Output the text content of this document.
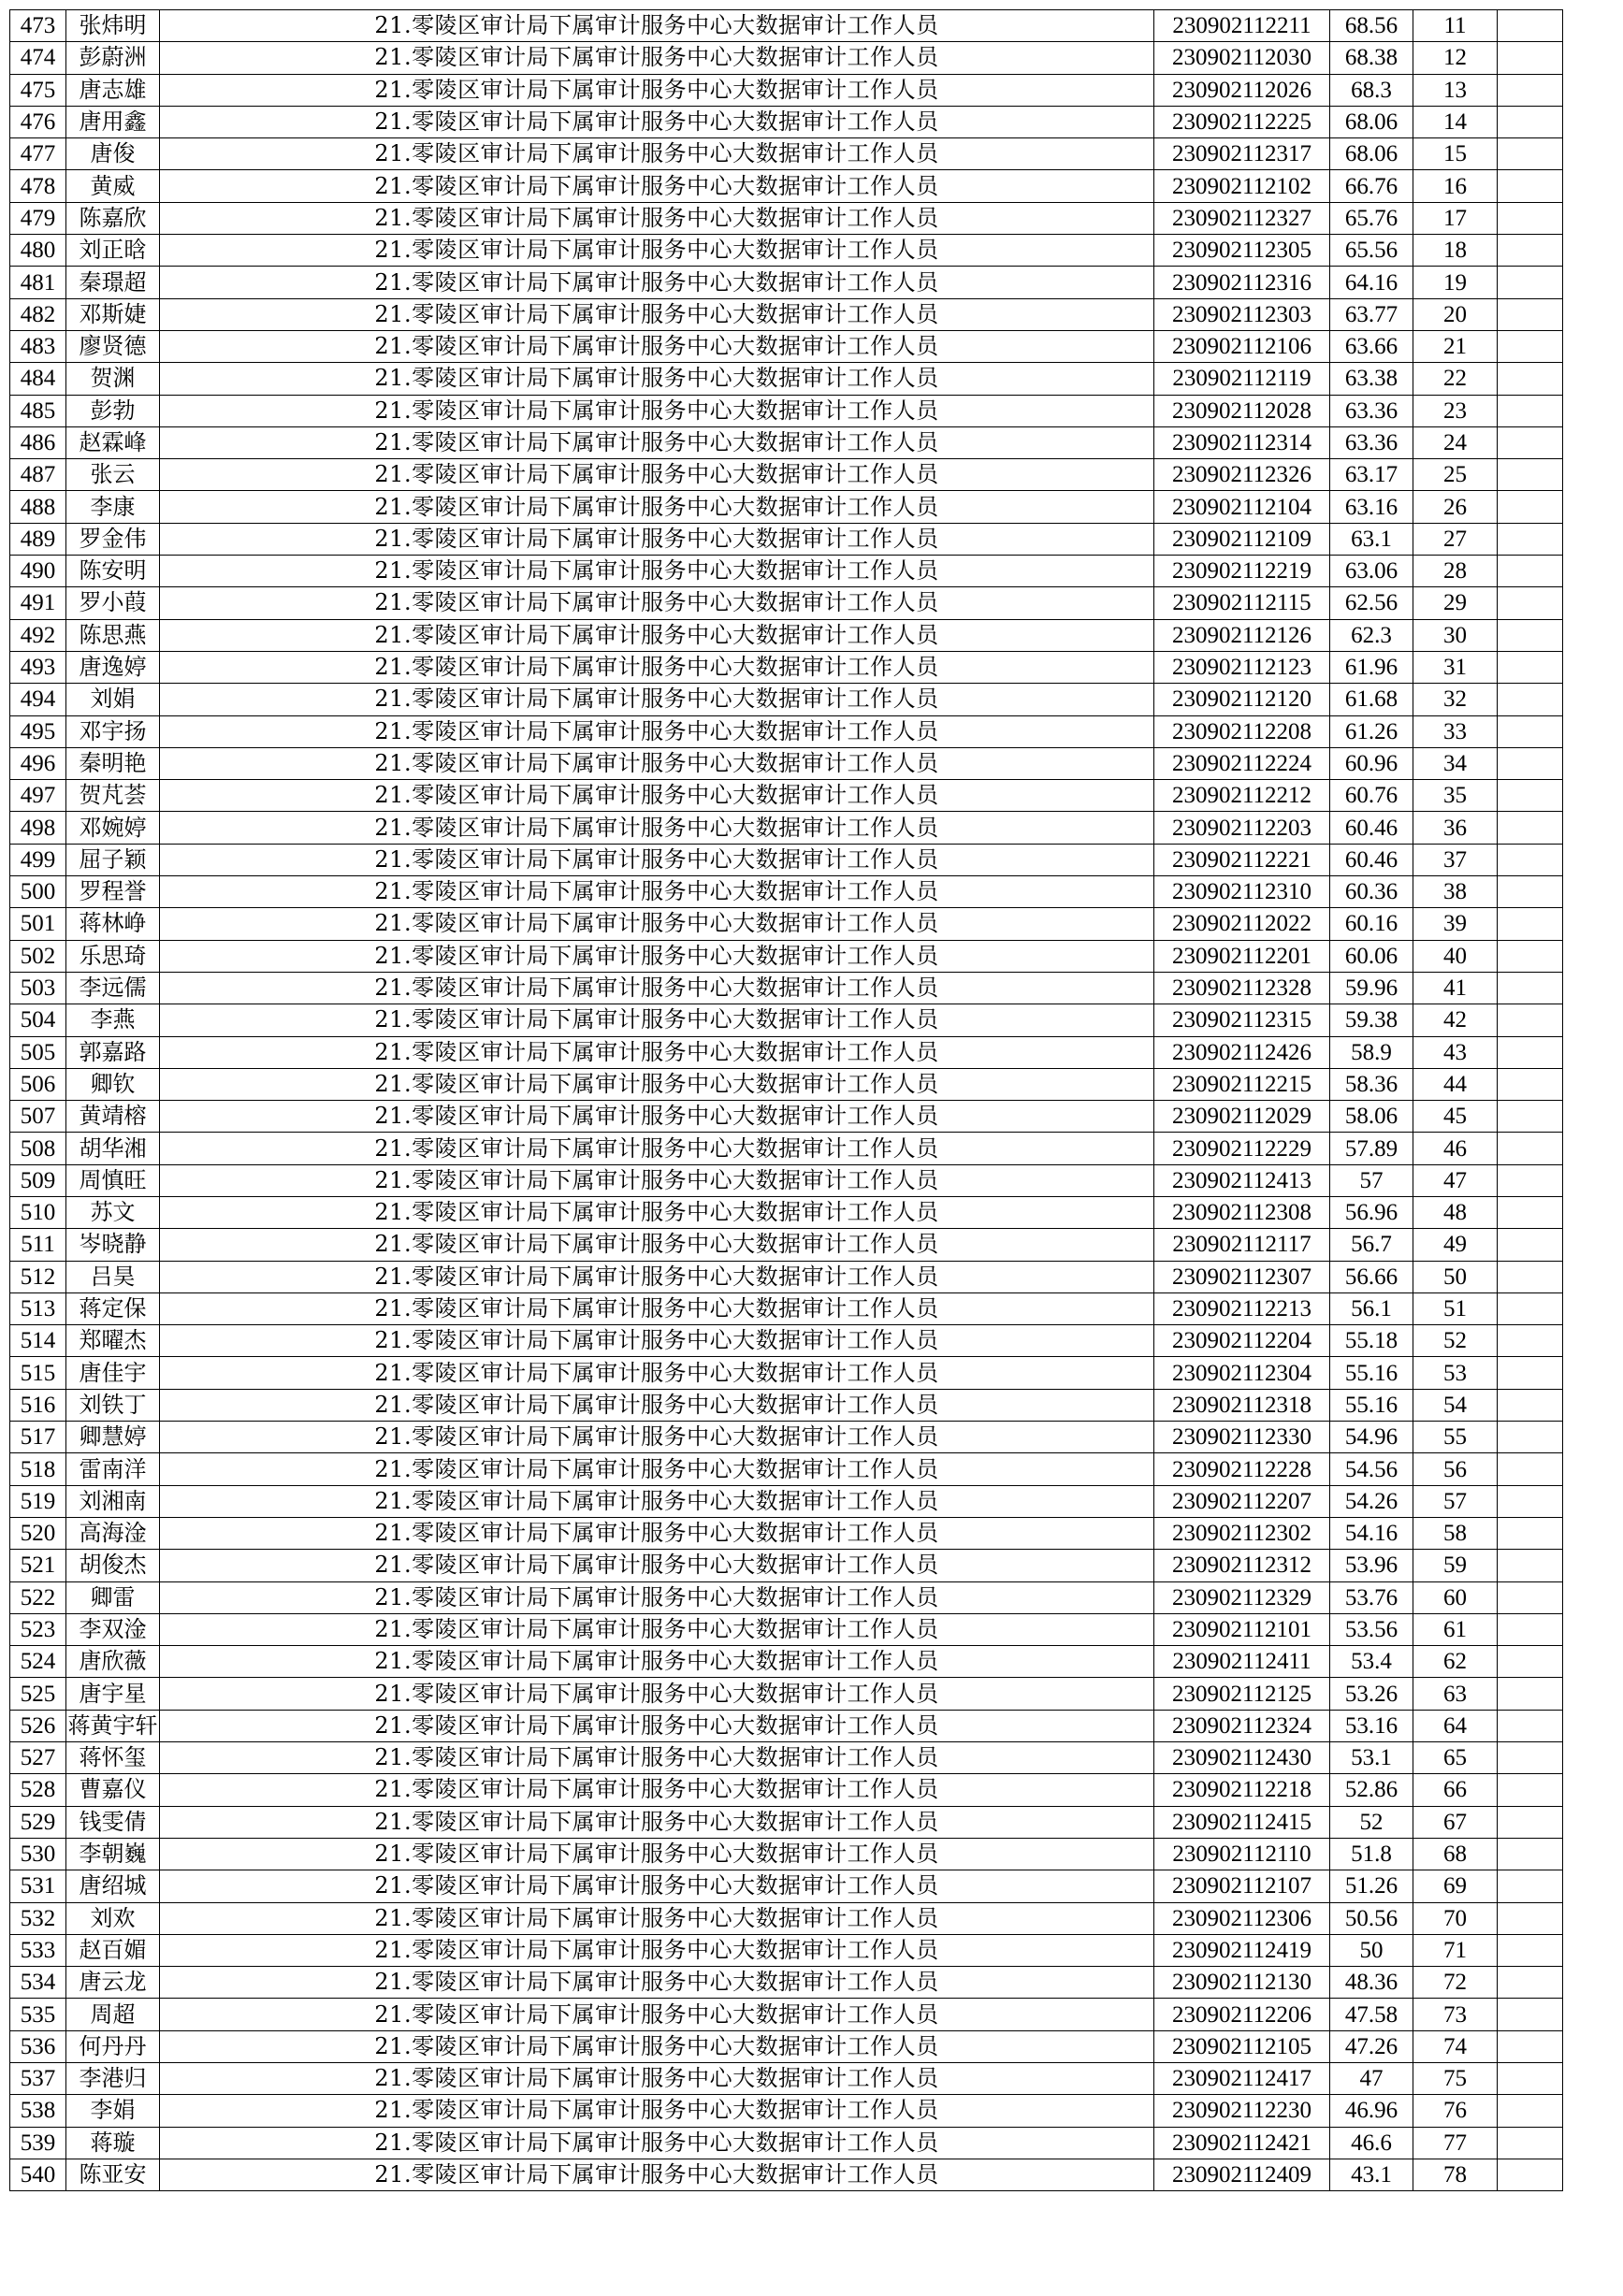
473	张炜明	21.零陵区审计局下属审计服务中心大数据审计工作人员	230902112211	68.56	11	
474	彭蔚洲	21.零陵区审计局下属审计服务中心大数据审计工作人员	230902112030	68.38	12	
475	唐志雄	21.零陵区审计局下属审计服务中心大数据审计工作人员	230902112026	68.3	13	
476	唐用鑫	21.零陵区审计局下属审计服务中心大数据审计工作人员	230902112225	68.06	14	
477	唐俊	21.零陵区审计局下属审计服务中心大数据审计工作人员	230902112317	68.06	15	
478	黄威	21.零陵区审计局下属审计服务中心大数据审计工作人员	230902112102	66.76	16	
479	陈嘉欣	21.零陵区审计局下属审计服务中心大数据审计工作人员	230902112327	65.76	17	
480	刘正晗	21.零陵区审计局下属审计服务中心大数据审计工作人员	230902112305	65.56	18	
481	秦璟超	21.零陵区审计局下属审计服务中心大数据审计工作人员	230902112316	64.16	19	
482	邓斯婕	21.零陵区审计局下属审计服务中心大数据审计工作人员	230902112303	63.77	20	
483	廖贤德	21.零陵区审计局下属审计服务中心大数据审计工作人员	230902112106	63.66	21	
484	贺渊	21.零陵区审计局下属审计服务中心大数据审计工作人员	230902112119	63.38	22	
485	彭勃	21.零陵区审计局下属审计服务中心大数据审计工作人员	230902112028	63.36	23	
486	赵霖峰	21.零陵区审计局下属审计服务中心大数据审计工作人员	230902112314	63.36	24	
487	张云	21.零陵区审计局下属审计服务中心大数据审计工作人员	230902112326	63.17	25	
488	李康	21.零陵区审计局下属审计服务中心大数据审计工作人员	230902112104	63.16	26	
489	罗金伟	21.零陵区审计局下属审计服务中心大数据审计工作人员	230902112109	63.1	27	
490	陈安明	21.零陵区审计局下属审计服务中心大数据审计工作人员	230902112219	63.06	28	
491	罗小葭	21.零陵区审计局下属审计服务中心大数据审计工作人员	230902112115	62.56	29	
492	陈思燕	21.零陵区审计局下属审计服务中心大数据审计工作人员	230902112126	62.3	30	
493	唐逸婷	21.零陵区审计局下属审计服务中心大数据审计工作人员	230902112123	61.96	31	
494	刘娟	21.零陵区审计局下属审计服务中心大数据审计工作人员	230902112120	61.68	32	
495	邓宇扬	21.零陵区审计局下属审计服务中心大数据审计工作人员	230902112208	61.26	33	
496	秦明艳	21.零陵区审计局下属审计服务中心大数据审计工作人员	230902112224	60.96	34	
497	贺芃荟	21.零陵区审计局下属审计服务中心大数据审计工作人员	230902112212	60.76	35	
498	邓婉婷	21.零陵区审计局下属审计服务中心大数据审计工作人员	230902112203	60.46	36	
499	屈子颖	21.零陵区审计局下属审计服务中心大数据审计工作人员	230902112221	60.46	37	
500	罗程誉	21.零陵区审计局下属审计服务中心大数据审计工作人员	230902112310	60.36	38	
501	蒋林峥	21.零陵区审计局下属审计服务中心大数据审计工作人员	230902112022	60.16	39	
502	乐思琦	21.零陵区审计局下属审计服务中心大数据审计工作人员	230902112201	60.06	40	
503	李远儒	21.零陵区审计局下属审计服务中心大数据审计工作人员	230902112328	59.96	41	
504	李燕	21.零陵区审计局下属审计服务中心大数据审计工作人员	230902112315	59.38	42	
505	郭嘉路	21.零陵区审计局下属审计服务中心大数据审计工作人员	230902112426	58.9	43	
506	卿钦	21.零陵区审计局下属审计服务中心大数据审计工作人员	230902112215	58.36	44	
507	黄靖榕	21.零陵区审计局下属审计服务中心大数据审计工作人员	230902112029	58.06	45	
508	胡华湘	21.零陵区审计局下属审计服务中心大数据审计工作人员	230902112229	57.89	46	
509	周慎旺	21.零陵区审计局下属审计服务中心大数据审计工作人员	230902112413	57	47	
510	苏文	21.零陵区审计局下属审计服务中心大数据审计工作人员	230902112308	56.96	48	
511	岑晓静	21.零陵区审计局下属审计服务中心大数据审计工作人员	230902112117	56.7	49	
512	吕昊	21.零陵区审计局下属审计服务中心大数据审计工作人员	230902112307	56.66	50	
513	蒋定保	21.零陵区审计局下属审计服务中心大数据审计工作人员	230902112213	56.1	51	
514	郑曜杰	21.零陵区审计局下属审计服务中心大数据审计工作人员	230902112204	55.18	52	
515	唐佳宇	21.零陵区审计局下属审计服务中心大数据审计工作人员	230902112304	55.16	53	
516	刘铁丁	21.零陵区审计局下属审计服务中心大数据审计工作人员	230902112318	55.16	54	
517	卿慧婷	21.零陵区审计局下属审计服务中心大数据审计工作人员	230902112330	54.96	55	
518	雷南洋	21.零陵区审计局下属审计服务中心大数据审计工作人员	230902112228	54.56	56	
519	刘湘南	21.零陵区审计局下属审计服务中心大数据审计工作人员	230902112207	54.26	57	
520	高海淦	21.零陵区审计局下属审计服务中心大数据审计工作人员	230902112302	54.16	58	
521	胡俊杰	21.零陵区审计局下属审计服务中心大数据审计工作人员	230902112312	53.96	59	
522	卿雷	21.零陵区审计局下属审计服务中心大数据审计工作人员	230902112329	53.76	60	
523	李双淦	21.零陵区审计局下属审计服务中心大数据审计工作人员	230902112101	53.56	61	
524	唐欣薇	21.零陵区审计局下属审计服务中心大数据审计工作人员	230902112411	53.4	62	
525	唐宇星	21.零陵区审计局下属审计服务中心大数据审计工作人员	230902112125	53.26	63	
526	蒋黄宇轩	21.零陵区审计局下属审计服务中心大数据审计工作人员	230902112324	53.16	64	
527	蒋怀玺	21.零陵区审计局下属审计服务中心大数据审计工作人员	230902112430	53.1	65	
528	曹嘉仪	21.零陵区审计局下属审计服务中心大数据审计工作人员	230902112218	52.86	66	
529	钱雯倩	21.零陵区审计局下属审计服务中心大数据审计工作人员	230902112415	52	67	
530	李朝巍	21.零陵区审计局下属审计服务中心大数据审计工作人员	230902112110	51.8	68	
531	唐绍城	21.零陵区审计局下属审计服务中心大数据审计工作人员	230902112107	51.26	69	
532	刘欢	21.零陵区审计局下属审计服务中心大数据审计工作人员	230902112306	50.56	70	
533	赵百媚	21.零陵区审计局下属审计服务中心大数据审计工作人员	230902112419	50	71	
534	唐云龙	21.零陵区审计局下属审计服务中心大数据审计工作人员	230902112130	48.36	72	
535	周超	21.零陵区审计局下属审计服务中心大数据审计工作人员	230902112206	47.58	73	
536	何丹丹	21.零陵区审计局下属审计服务中心大数据审计工作人员	230902112105	47.26	74	
537	李港归	21.零陵区审计局下属审计服务中心大数据审计工作人员	230902112417	47	75	
538	李娟	21.零陵区审计局下属审计服务中心大数据审计工作人员	230902112230	46.96	76	
539	蒋璇	21.零陵区审计局下属审计服务中心大数据审计工作人员	230902112421	46.6	77	
540	陈亚安	21.零陵区审计局下属审计服务中心大数据审计工作人员	230902112409	43.1	78	
